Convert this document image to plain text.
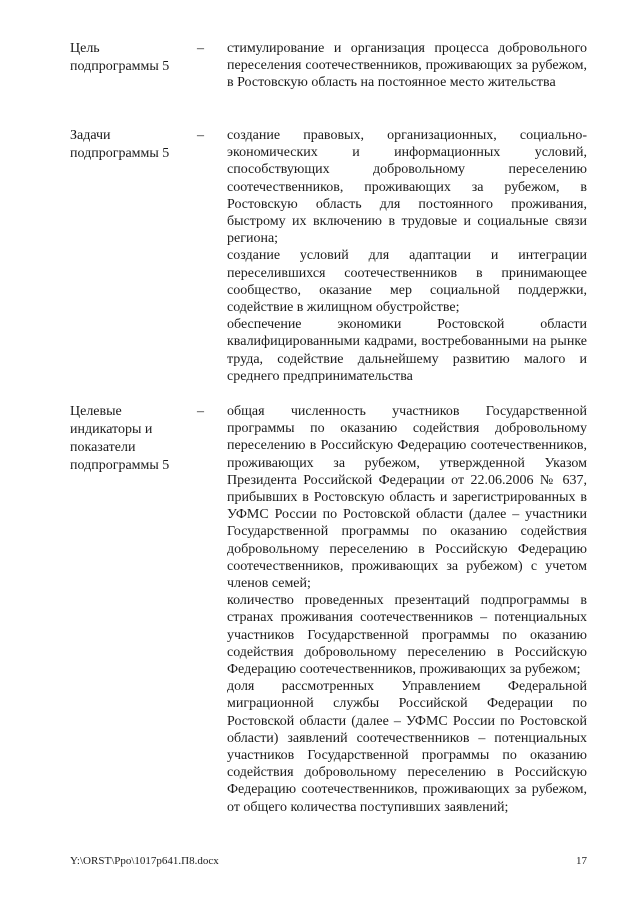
Цель
подпрограммы 5
–	стимулирование и организация процесса добровольного переселения соотечественников, проживающих за рубежом, в Ростовскую область на постоянное место жительства

Задачи
подпрограммы 5
–	создание правовых, организационных, социально-экономических и информационных условий, способствующих добровольному переселению соотечественников, проживающих за рубежом, в Ростовскую область для постоянного проживания, быстрому их включению в трудовые и социальные связи региона;

создание условий для адаптации и интеграции переселившихся соотечественников в принимающее сообщество, оказание мер социальной поддержки, содействие в жилищном обустройстве;

обеспечение экономики Ростовской области квалифицированными кадрами, востребованными на рынке труда, содействие дальнейшему развитию малого и среднего предпринимательства

Целевые
индикаторы и
показатели
подпрограммы 5
–	общая численность участников Государственной программы по оказанию содействия добровольному переселению в Российскую Федерацию соотечественников, проживающих за рубежом, утвержденной Указом Президента Российской Федерации от 22.06.2006 № 637, прибывших в Ростовскую область и зарегистрированных в УФМС России по Ростовской области (далее – участники Государственной программы по оказанию содействия добровольному переселению в Российскую Федерацию соотечественников, проживающих за рубежом) с учетом членов семей;

количество проведенных презентаций подпрограммы в странах проживания соотечественников – потенциальных участников Государственной программы по оказанию содействия добровольному переселению в Российскую Федерацию соотечественников, проживающих за рубежом;

доля рассмотренных Управлением Федеральной миграционной службы Российской Федерации по Ростовской области (далее – УФМС России по Ростовской области) заявлений соотечественников – потенциальных участников Государственной программы по оказанию содействия добровольному переселению в Российскую Федерацию соотечественников, проживающих за рубежом, от общего количества поступивших заявлений;

Y:\ORST\Ppo\1017p641.П8.docx	17
